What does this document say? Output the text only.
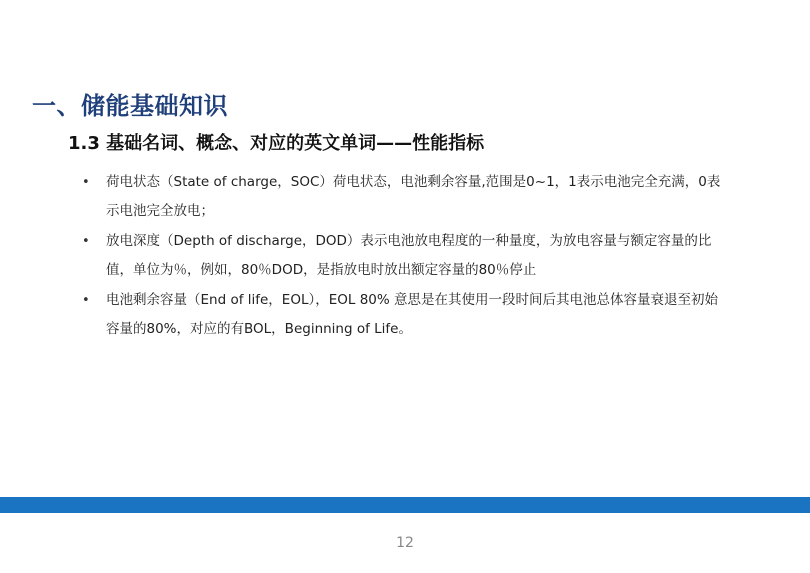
一、储能基础知识
1.3 基础名词、概念、对应的英文单词——性能指标
• 荷电状态（State of charge，SOC）荷电状态，电池剩余容量,范围是0~1，1表示电池完全充满，0表示电池完全放电；
• 放电深度（Depth of discharge，DOD）表示电池放电程度的一种量度，为放电容量与额定容量的比值，单位为％，例如，80％DOD，是指放电时放出额定容量的80％停止
• 电池剩余容量（End of life，EOL），EOL 80% 意思是在其使用一段时间后其电池总体容量衰退至初始容量的80%，对应的有BOL，Beginning of Life。
12
